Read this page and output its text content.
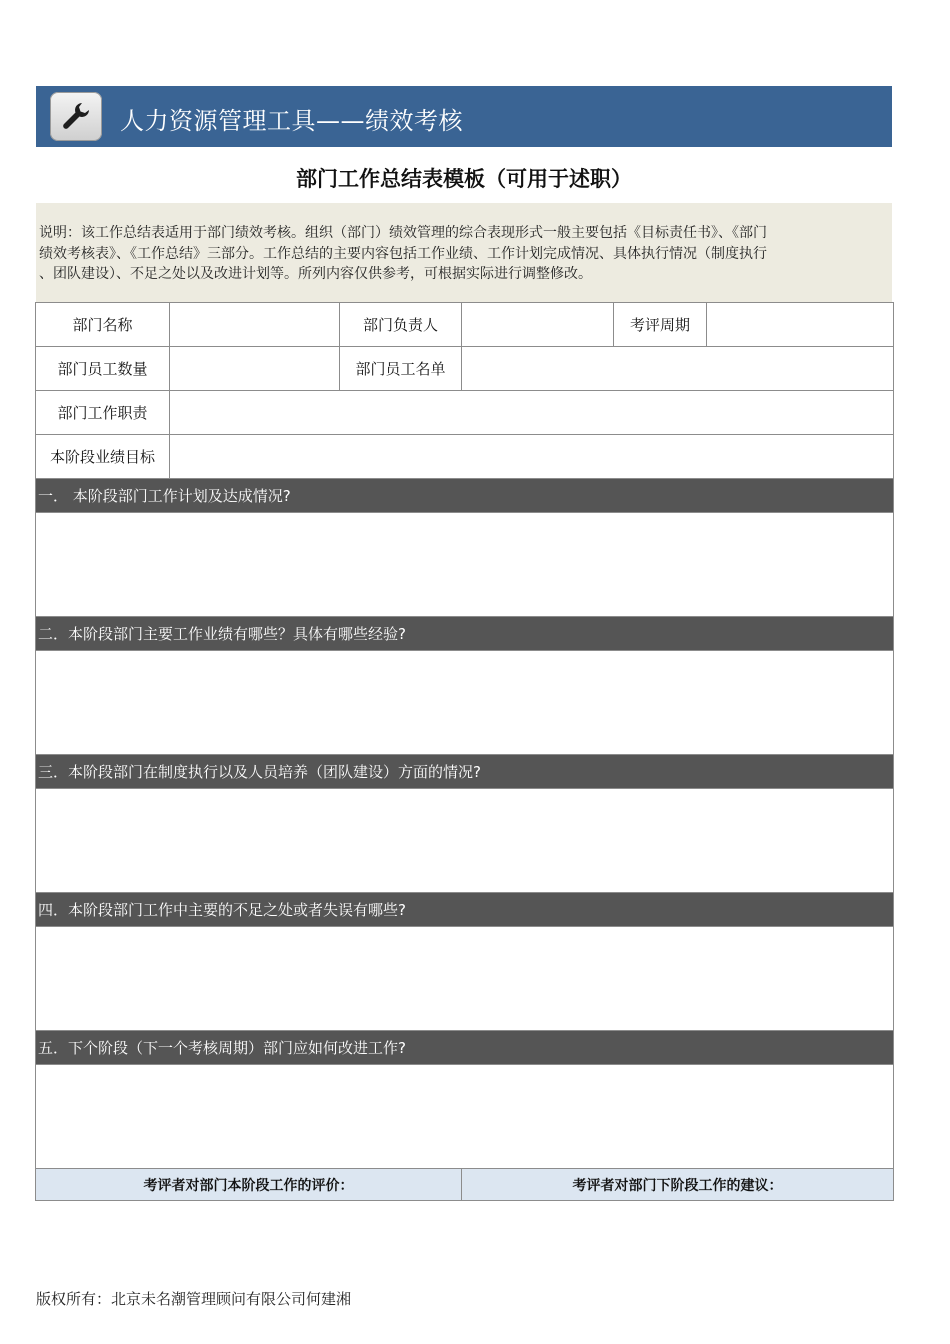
人力资源管理工具——绩效考核
部门工作总结表模板（可用于述职）
说明：该工作总结表适用于部门绩效考核。组织（部门）绩效管理的综合表现形式一般主要包括《目标责任书》、《部门
绩效考核表》、《工作总结》三部分。工作总结的主要内容包括工作业绩、工作计划完成情况、具体执行情况（制度执行
、团队建设）、不足之处以及改进计划等。所列内容仅供参考，可根据实际进行调整修改。
部门名称		部门负责人		考评周期	
部门员工数量		部门员工名单			
部门工作职责					
本阶段业绩目标					
一． 本阶段部门工作计划及达成情况?					

二．本阶段部门主要工作业绩有哪些？具体有哪些经验?					

三．本阶段部门在制度执行以及人员培养（团队建设）方面的情况?					

四．本阶段部门工作中主要的不足之处或者失误有哪些?					

五．下个阶段（下一个考核周期）部门应如何改进工作?					

考评者对部门本阶段工作的评价：			考评者对部门下阶段工作的建议：		
版权所有：北京未名潮管理顾问有限公司何建湘
